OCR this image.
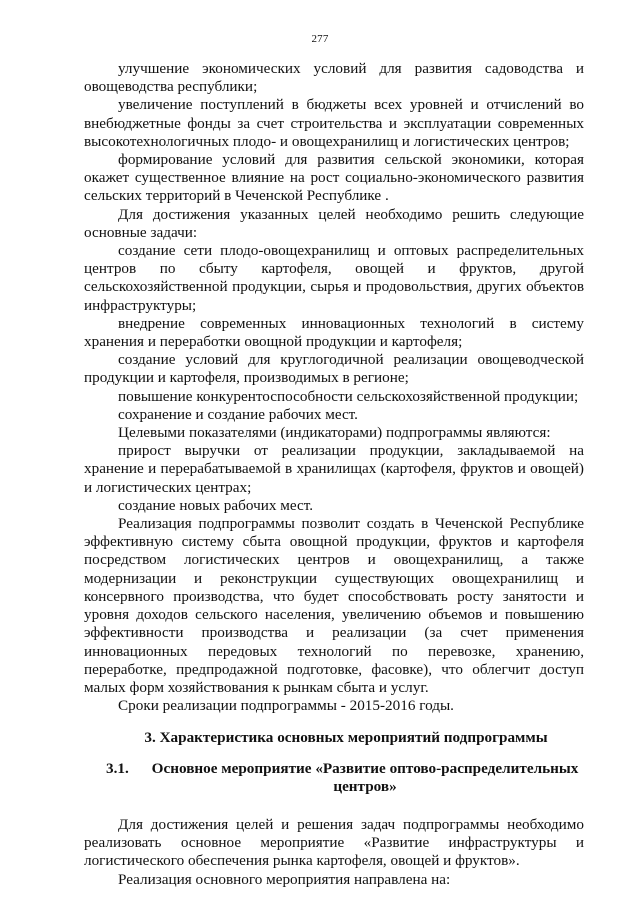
277

улучшение экономических условий для развития садоводства и овощеводства республики;

увеличение поступлений в бюджеты всех уровней и отчислений во внебюджетные фонды за счет строительства и эксплуатации современных высокотехнологичных плодо- и овощехранилищ и логистических центров;

формирование условий для развития сельской экономики, которая окажет существенное влияние на рост социально-экономического развития сельских территорий в Чеченской Республике .

Для достижения указанных целей необходимо решить следующие основные задачи:

создание сети плодо-овощехранилищ и оптовых распределительных центров по сбыту картофеля, овощей и фруктов, другой сельскохозяйственной продукции, сырья и продовольствия, других объектов инфраструктуры;

внедрение современных инновационных технологий в систему хранения и переработки овощной продукции и картофеля;

создание условий для круглогодичной реализации овощеводческой продукции и картофеля, производимых в регионе;

повышение конкурентоспособности сельскохозяйственной продукции;

сохранение и создание рабочих мест.

Целевыми показателями (индикаторами) подпрограммы являются:

прирост выручки от реализации продукции, закладываемой на хранение и перерабатываемой в хранилищах (картофеля, фруктов и овощей) и логистических центрах;

создание новых рабочих мест.

Реализация подпрограммы позволит создать в Чеченской Республике эффективную систему сбыта овощной продукции, фруктов и картофеля посредством логистических центров и овощехранилищ, а также модернизации и реконструкции существующих овощехранилищ и консервного производства, что будет способствовать росту занятости и уровня доходов сельского населения, увеличению объемов и повышению эффективности производства и реализации (за счет применения инновационных передовых технологий по перевозке, хранению, переработке, предпродажной подготовке, фасовке), что облегчит доступ малых форм хозяйствования к рынкам сбыта и услуг.

Сроки реализации подпрограммы - 2015-2016 годы.

3. Характеристика основных мероприятий подпрограммы

3.1.	Основное мероприятие «Развитие оптово-распределительных центров»

Для достижения целей и решения задач подпрограммы необходимо реализовать основное мероприятие «Развитие инфраструктуры и логистического обеспечения рынка картофеля, овощей и фруктов».

Реализация основного мероприятия направлена на:
